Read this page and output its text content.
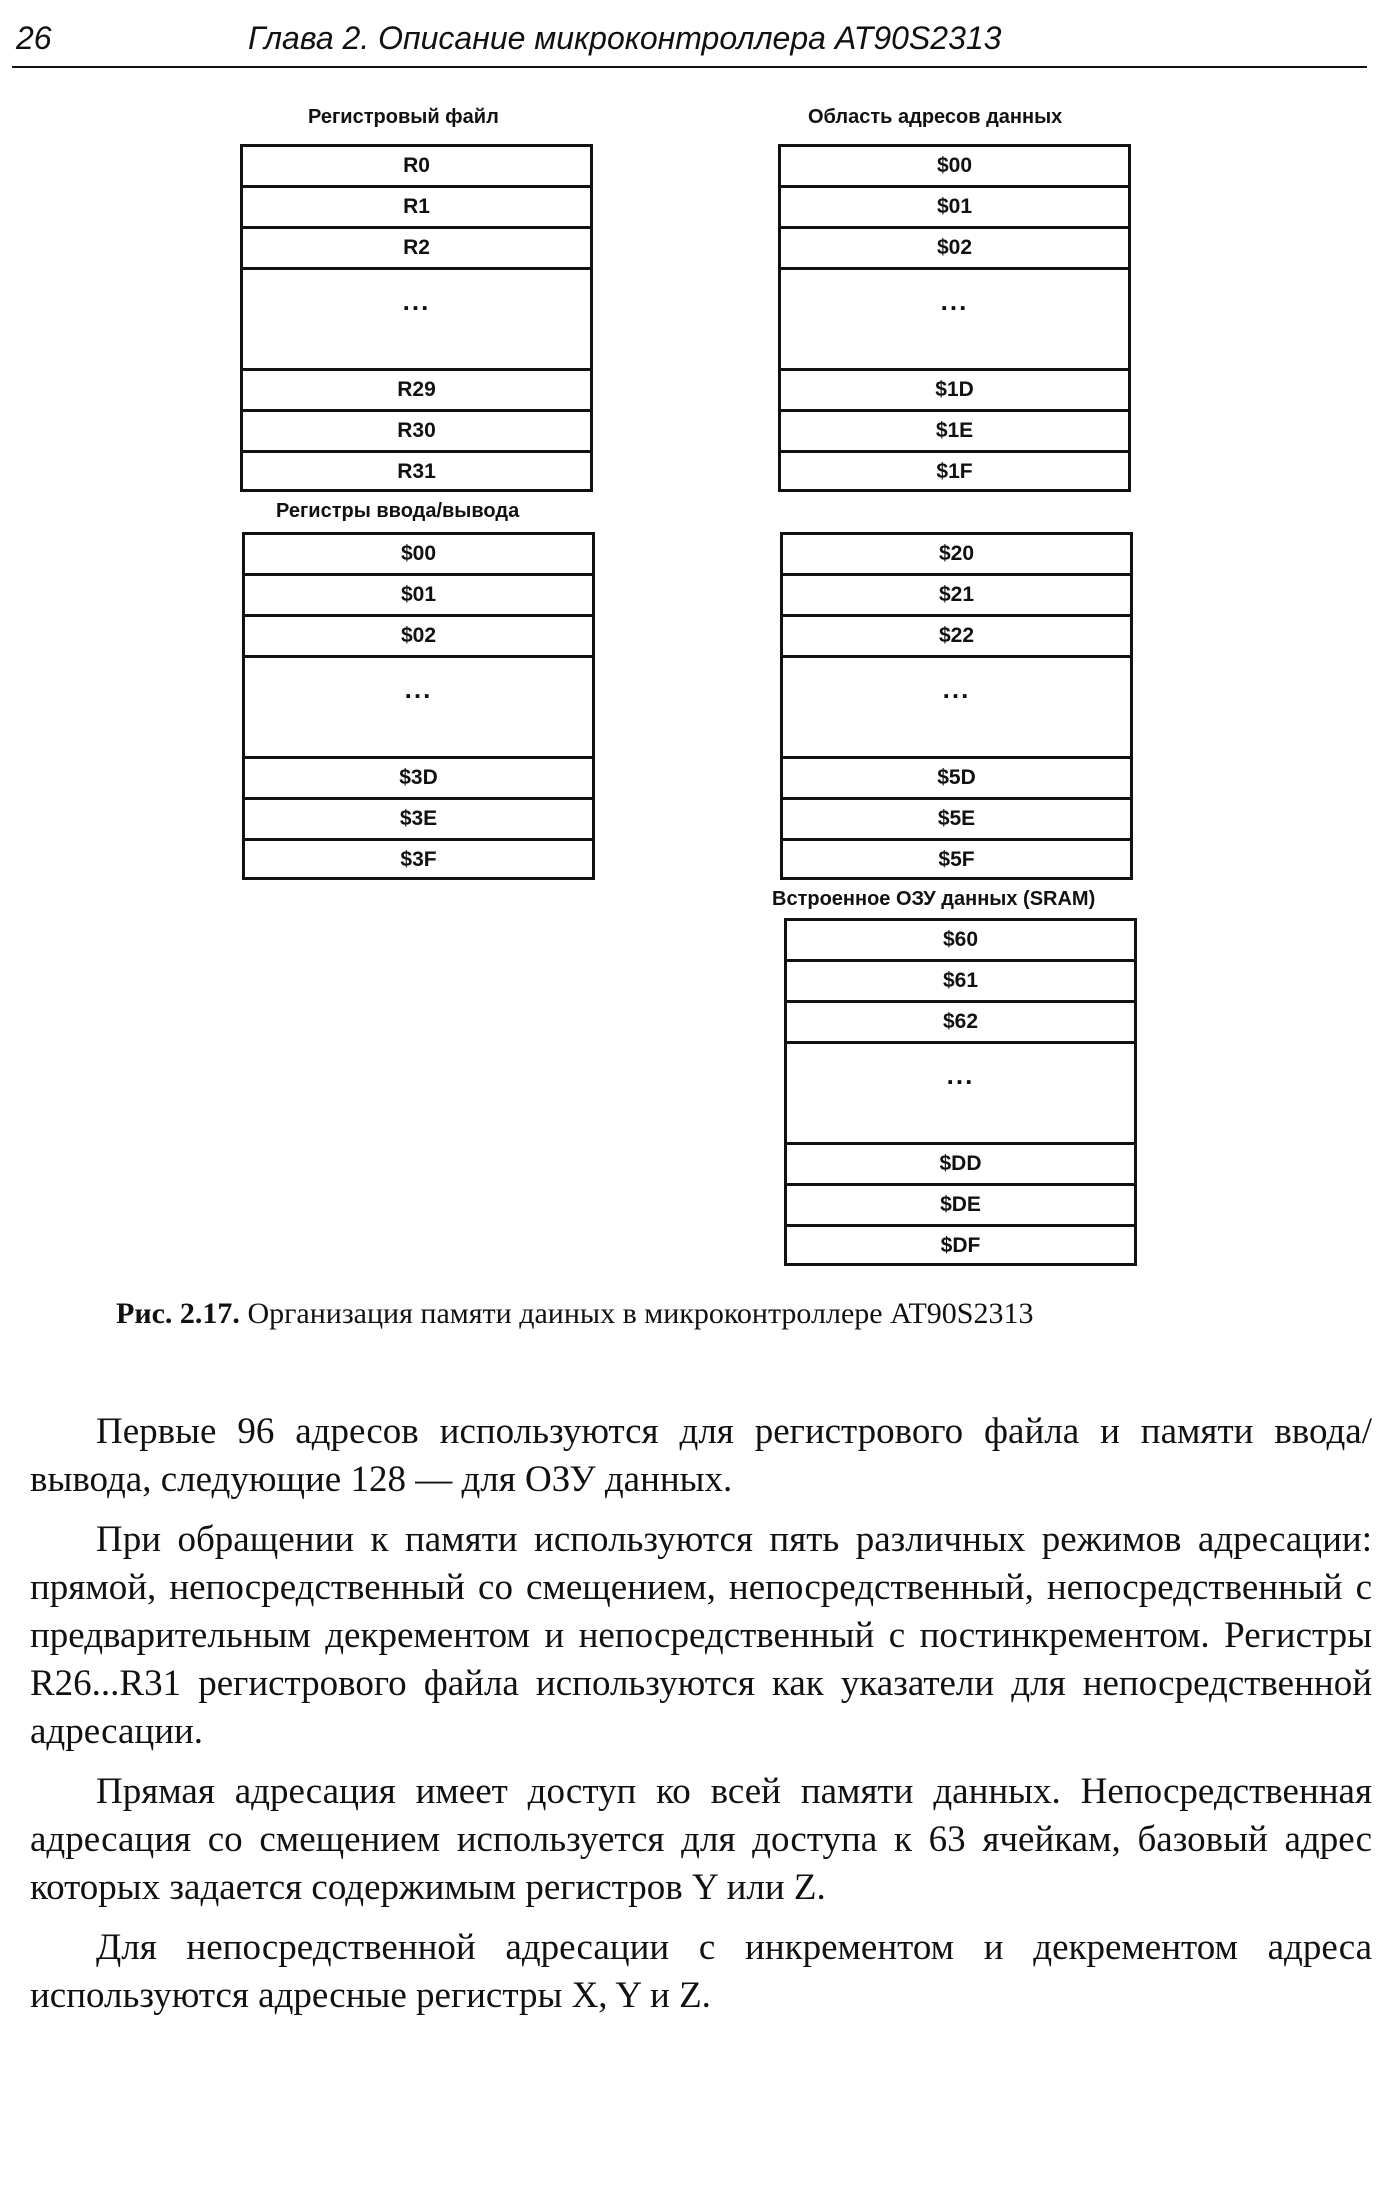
26	Глава 2. Описание микроконтроллера AT90S2313
Регистровый файл	Область адресов данных
R0
R1
R2
...
R29
R30
R31
$00
$01
$02
...
$1D
$1E
$1F
Регистры ввода/вывода
$00
$01
$02
...
$3D
$3E
$3F
$20
$21
$22
...
$5D
$5E
$5F
Встроенное ОЗУ данных (SRAM)
$60
$61
$62
...
$DD
$DE
$DF
Рис. 2.17. Организация памяти даиных в микроконтроллере AT90S2313

Первые 96 адресов используются для регистрового файла и памяти ввода/вывода, следующие 128 — для ОЗУ данных.

При обращении к памяти используются пять различных режимов адресации: прямой, непосредственный со смещением, непосредственный, непосредственный с предварительным декрементом и непосредственный с постинкрементом. Регистры R26...R31 регистрового файла используются как указатели для непосредственной адресации.

Прямая адресация имеет доступ ко всей памяти данных. Непосредственная адресация со смещением используется для доступа к 63 ячейкам, базовый адрес которых задается содержимым регистров Y или Z.

Для непосредственной адресации с инкрементом и декрементом адреса используются адресные регистры X, Y и Z.
